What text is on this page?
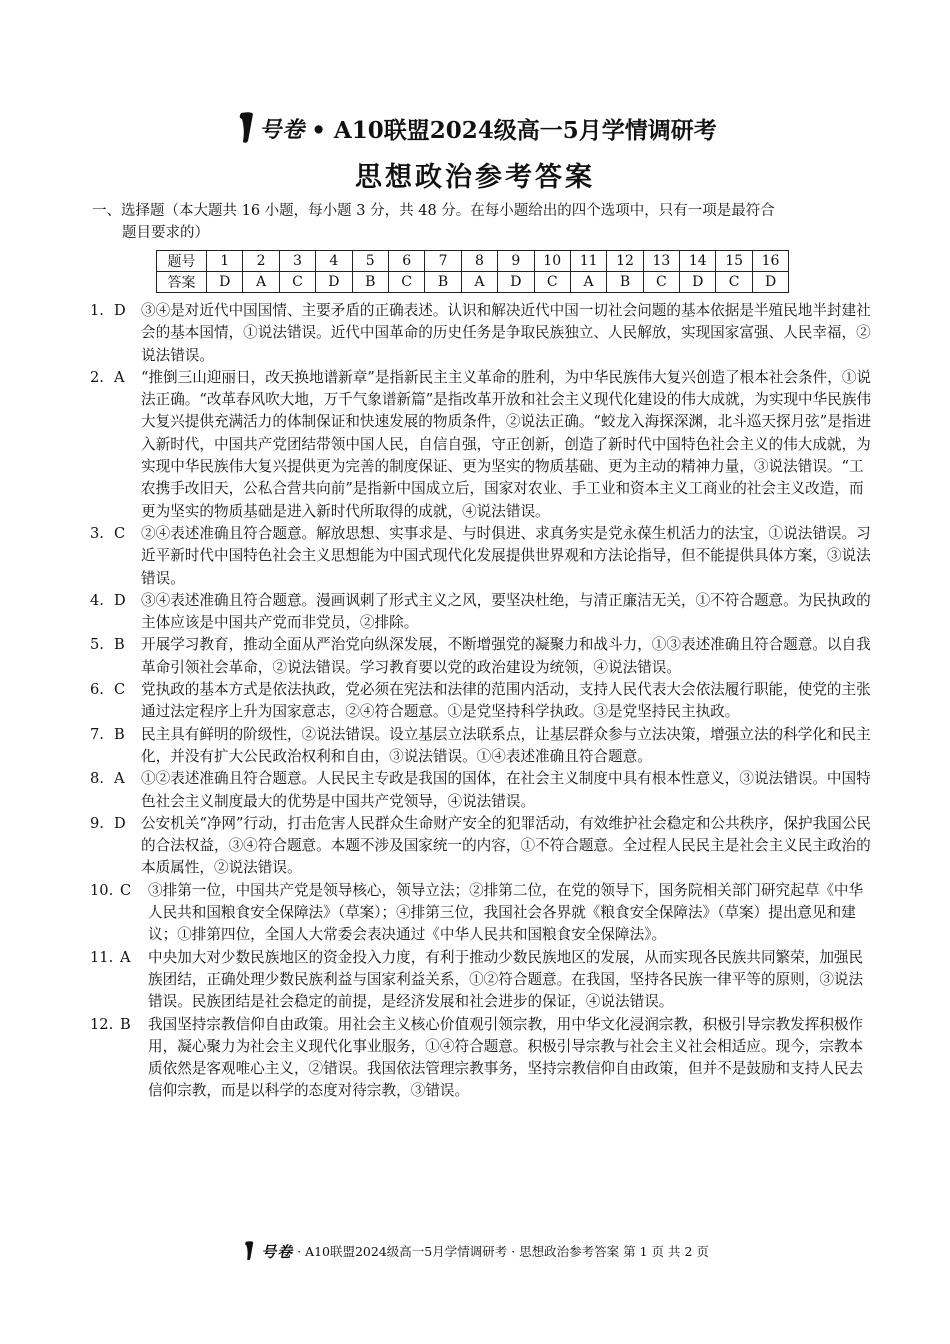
号卷 • A10联盟2024级高一5月学情调研考
思想政治参考答案
一、选择题（本大题共 16 小题，每小题 3 分，共 48 分。在每小题给出的四个选项中，只有一项是最符合
题目要求的）
题号	1	2	3	4	5	6	7	8	9	10	11	12	13	14	15	16
答案	D	A	C	D	B	C	B	A	D	C	A	B	C	D	C	D
1. D ③④是对近代中国国情、主要矛盾的正确表述。认识和解决近代中国一切社会问题的基本依据是半殖民地半封建社会的基本国情，①说法错误。近代中国革命的历史任务是争取民族独立、人民解放，实现国家富强、人民幸福，②说法错误。
2. A “推倒三山迎丽日，改天换地谱新章”是指新民主主义革命的胜利，为中华民族伟大复兴创造了根本社会条件，①说法正确。“改革春风吹大地，万千气象谱新篇”是指改革开放和社会主义现代化建设的伟大成就，为实现中华民族伟大复兴提供充满活力的体制保证和快速发展的物质条件，②说法正确。“蛟龙入海探深渊，北斗巡天探月弦”是指进入新时代，中国共产党团结带领中国人民，自信自强，守正创新，创造了新时代中国特色社会主义的伟大成就，为实现中华民族伟大复兴提供更为完善的制度保证、更为坚实的物质基础、更为主动的精神力量，③说法错误。“工农携手改旧天，公私合营共向前”是指新中国成立后，国家对农业、手工业和资本主义工商业的社会主义改造，而更为坚实的物质基础是进入新时代所取得的成就，④说法错误。
3. C ②④表述准确且符合题意。解放思想、实事求是、与时俱进、求真务实是党永葆生机活力的法宝，①说法错误。习近平新时代中国特色社会主义思想能为中国式现代化发展提供世界观和方法论指导，但不能提供具体方案，③说法错误。
4. D ③④表述准确且符合题意。漫画讽刺了形式主义之风，要坚决杜绝，与清正廉洁无关，①不符合题意。为民执政的主体应该是中国共产党而非党员，②排除。
5. B 开展学习教育，推动全面从严治党向纵深发展，不断增强党的凝聚力和战斗力，①③表述准确且符合题意。以自我革命引领社会革命，②说法错误。学习教育要以党的政治建设为统领，④说法错误。
6. C 党执政的基本方式是依法执政，党必须在宪法和法律的范围内活动，支持人民代表大会依法履行职能，使党的主张通过法定程序上升为国家意志，②④符合题意。①是党坚持科学执政。③是党坚持民主执政。
7. B 民主具有鲜明的阶级性，②说法错误。设立基层立法联系点，让基层群众参与立法决策，增强立法的科学化和民主化，并没有扩大公民政治权利和自由，③说法错误。①④表述准确且符合题意。
8. A ①②表述准确且符合题意。人民民主专政是我国的国体，在社会主义制度中具有根本性意义，③说法错误。中国特色社会主义制度最大的优势是中国共产党领导，④说法错误。
9. D 公安机关“净网”行动，打击危害人民群众生命财产安全的犯罪活动，有效维护社会稳定和公共秩序，保护我国公民的合法权益，③④符合题意。本题不涉及国家统一的内容，①不符合题意。全过程人民民主是社会主义民主政治的本质属性，②说法错误。
10. C ③排第一位，中国共产党是领导核心，领导立法；②排第二位，在党的领导下，国务院相关部门研究起草《中华人民共和国粮食安全保障法》（草案）；④排第三位，我国社会各界就《粮食安全保障法》（草案）提出意见和建议；①排第四位，全国人大常委会表决通过《中华人民共和国粮食安全保障法》。
11. A 中央加大对少数民族地区的资金投入力度，有利于推动少数民族地区的发展，从而实现各民族共同繁荣，加强民族团结，正确处理少数民族利益与国家利益关系，①②符合题意。在我国，坚持各民族一律平等的原则，③说法错误。民族团结是社会稳定的前提，是经济发展和社会进步的保证，④说法错误。
12. B 我国坚持宗教信仰自由政策。用社会主义核心价值观引领宗教，用中华文化浸润宗教，积极引导宗教发挥积极作用，凝心聚力为社会主义现代化事业服务，①④符合题意。积极引导宗教与社会主义社会相适应。现今，宗教本质依然是客观唯心主义，②错误。我国依法管理宗教事务，坚持宗教信仰自由政策，但并不是鼓励和支持人民去信仰宗教，而是以科学的态度对待宗教，③错误。
号卷 · A10联盟2024级高一5月学情调研考 · 思想政治参考答案 第 1 页 共 2 页
